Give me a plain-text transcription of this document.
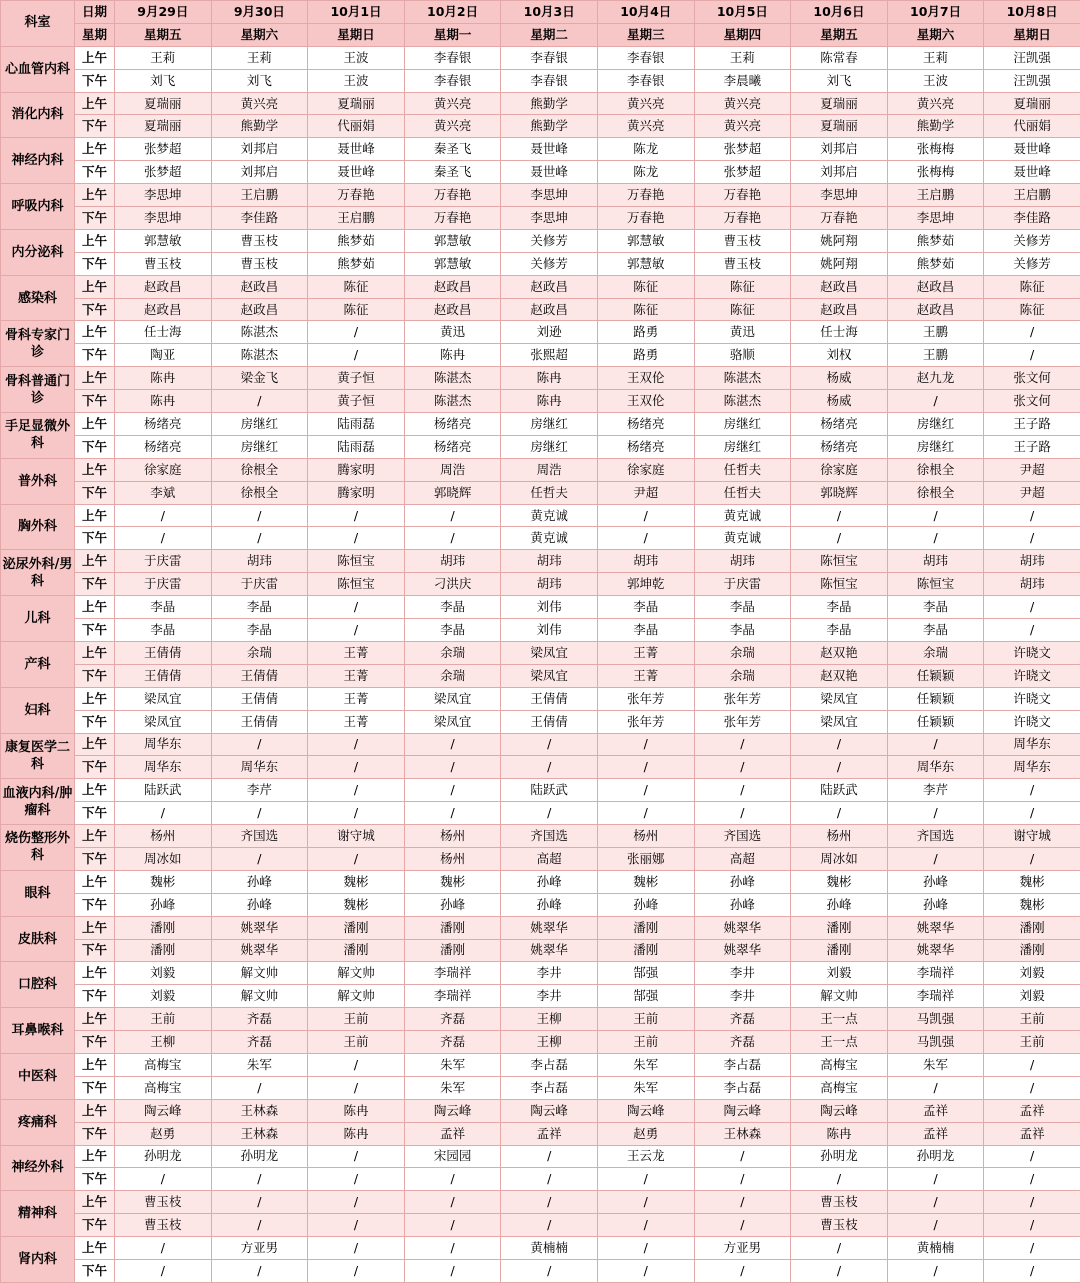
科室	日期	9月29日	9月30日	10月1日	10月2日	10月3日	10月4日	10月5日	10月6日	10月7日	10月8日
	星期	星期五	星期六	星期日	星期一	星期二	星期三	星期四	星期五	星期六	星期日
心血管内科	上午	王莉	王莉	王波	李春银	李春银	李春银	王莉	陈常春	王莉	汪凯强
	下午	刘飞	刘飞	王波	李春银	李春银	李春银	李晨曦	刘飞	王波	汪凯强
消化内科	上午	夏瑞丽	黄兴亮	夏瑞丽	黄兴亮	熊勤学	黄兴亮	黄兴亮	夏瑞丽	黄兴亮	夏瑞丽
	下午	夏瑞丽	熊勤学	代丽娟	黄兴亮	熊勤学	黄兴亮	黄兴亮	夏瑞丽	熊勤学	代丽娟
神经内科	上午	张梦超	刘邦启	聂世峰	秦圣飞	聂世峰	陈龙	张梦超	刘邦启	张梅梅	聂世峰
	下午	张梦超	刘邦启	聂世峰	秦圣飞	聂世峰	陈龙	张梦超	刘邦启	张梅梅	聂世峰
呼吸内科	上午	李思坤	王启鹏	万春艳	万春艳	李思坤	万春艳	万春艳	李思坤	王启鹏	王启鹏
	下午	李思坤	李佳路	王启鹏	万春艳	李思坤	万春艳	万春艳	万春艳	李思坤	李佳路
内分泌科	上午	郭慧敏	曹玉枝	熊梦茹	郭慧敏	关修芳	郭慧敏	曹玉枝	姚阿翔	熊梦茹	关修芳
	下午	曹玉枝	曹玉枝	熊梦茹	郭慧敏	关修芳	郭慧敏	曹玉枝	姚阿翔	熊梦茹	关修芳
感染科	上午	赵政昌	赵政昌	陈征	赵政昌	赵政昌	陈征	陈征	赵政昌	赵政昌	陈征
	下午	赵政昌	赵政昌	陈征	赵政昌	赵政昌	陈征	陈征	赵政昌	赵政昌	陈征
骨科专家门诊	上午	任士海	陈湛杰	/	黄迅	刘逊	路勇	黄迅	任士海	王鹏	/
	下午	陶亚	陈湛杰	/	陈冉	张熙超	路勇	骆顺	刘权	王鹏	/
骨科普通门诊	上午	陈冉	梁金飞	黄子恒	陈湛杰	陈冉	王双伦	陈湛杰	杨威	赵九龙	张文何
	下午	陈冉	/	黄子恒	陈湛杰	陈冉	王双伦	陈湛杰	杨威	/	张文何
手足显微外科	上午	杨绪亮	房继红	陆雨磊	杨绪亮	房继红	杨绪亮	房继红	杨绪亮	房继红	王子路
	下午	杨绪亮	房继红	陆雨磊	杨绪亮	房继红	杨绪亮	房继红	杨绪亮	房继红	王子路
普外科	上午	徐家庭	徐根全	腾家明	周浩	周浩	徐家庭	任哲夫	徐家庭	徐根全	尹超
	下午	李斌	徐根全	腾家明	郭晓辉	任哲夫	尹超	任哲夫	郭晓辉	徐根全	尹超
胸外科	上午	/	/	/	/	黄克诚	/	黄克诚	/	/	/
	下午	/	/	/	/	黄克诚	/	黄克诚	/	/	/
泌尿外科/男科	上午	于庆雷	胡玮	陈恒宝	胡玮	胡玮	胡玮	胡玮	陈恒宝	胡玮	胡玮
	下午	于庆雷	于庆雷	陈恒宝	刁洪庆	胡玮	郭坤乾	于庆雷	陈恒宝	陈恒宝	胡玮
儿科	上午	李晶	李晶	/	李晶	刘伟	李晶	李晶	李晶	李晶	/
	下午	李晶	李晶	/	李晶	刘伟	李晶	李晶	李晶	李晶	/
产科	上午	王倩倩	余瑞	王菁	余瑞	梁凤宜	王菁	余瑞	赵双艳	余瑞	许晓文
	下午	王倩倩	王倩倩	王菁	余瑞	梁凤宜	王菁	余瑞	赵双艳	任颖颖	许晓文
妇科	上午	梁凤宜	王倩倩	王菁	梁凤宜	王倩倩	张年芳	张年芳	梁凤宜	任颖颖	许晓文
	下午	梁凤宜	王倩倩	王菁	梁凤宜	王倩倩	张年芳	张年芳	梁凤宜	任颖颖	许晓文
康复医学二科	上午	周华东	/	/	/	/	/	/	/	/	周华东
	下午	周华东	周华东	/	/	/	/	/	/	周华东	周华东
血液内科/肿瘤科	上午	陆跃武	李芹	/	/	陆跃武	/	/	陆跃武	李芹	/
	下午	/	/	/	/	/	/	/	/	/	/
烧伤整形外科	上午	杨州	齐国选	谢守城	杨州	齐国选	杨州	齐国选	杨州	齐国选	谢守城
	下午	周冰如	/	/	杨州	高超	张丽娜	高超	周冰如	/	/
眼科	上午	魏彬	孙峰	魏彬	魏彬	孙峰	魏彬	孙峰	魏彬	孙峰	魏彬
	下午	孙峰	孙峰	魏彬	孙峰	孙峰	孙峰	孙峰	孙峰	孙峰	魏彬
皮肤科	上午	潘刚	姚翠华	潘刚	潘刚	姚翠华	潘刚	姚翠华	潘刚	姚翠华	潘刚
	下午	潘刚	姚翠华	潘刚	潘刚	姚翠华	潘刚	姚翠华	潘刚	姚翠华	潘刚
口腔科	上午	刘毅	解文帅	解文帅	李瑞祥	李井	郜强	李井	刘毅	李瑞祥	刘毅
	下午	刘毅	解文帅	解文帅	李瑞祥	李井	郜强	李井	解文帅	李瑞祥	刘毅
耳鼻喉科	上午	王前	齐磊	王前	齐磊	王柳	王前	齐磊	王一点	马凯强	王前
	下午	王柳	齐磊	王前	齐磊	王柳	王前	齐磊	王一点	马凯强	王前
中医科	上午	高梅宝	朱军	/	朱军	李占磊	朱军	李占磊	高梅宝	朱军	/
	下午	高梅宝	/	/	朱军	李占磊	朱军	李占磊	高梅宝	/	/
疼痛科	上午	陶云峰	王林森	陈冉	陶云峰	陶云峰	陶云峰	陶云峰	陶云峰	孟祥	孟祥
	下午	赵勇	王林森	陈冉	孟祥	孟祥	赵勇	王林森	陈冉	孟祥	孟祥
神经外科	上午	孙明龙	孙明龙	/	宋园园	/	王云龙	/	孙明龙	孙明龙	/
	下午	/	/	/	/	/	/	/	/	/	/
精神科	上午	曹玉枝	/	/	/	/	/	/	曹玉枝	/	/
	下午	曹玉枝	/	/	/	/	/	/	曹玉枝	/	/
肾内科	上午	/	方亚男	/	/	黄楠楠	/	方亚男	/	黄楠楠	/
	下午	/	/	/	/	/	/	/	/	/	/
